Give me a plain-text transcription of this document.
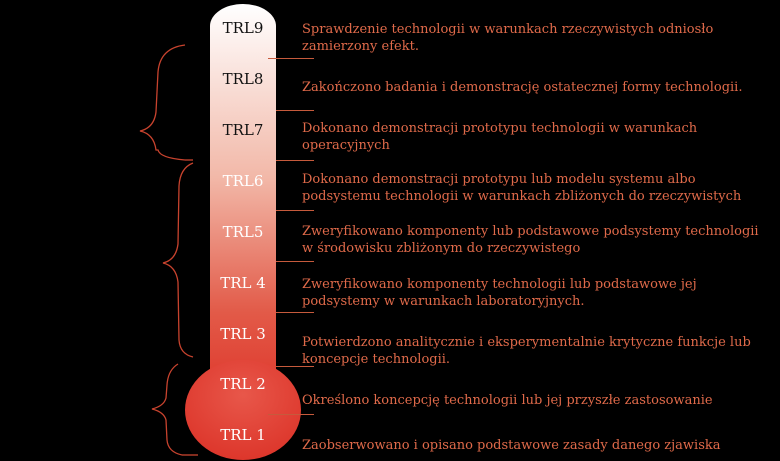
TRL9
TRL8
TRL7
TRL6
TRL5
TRL 4
TRL 3
TRL 2
TRL 1
Sprawdzenie technologii w warunkach rzeczywistych odniosło zamierzony efekt.
Zakończono badania i demonstrację ostatecznej formy technologii.
Dokonano demonstracji prototypu technologii w warunkach operacyjnych
Dokonano demonstracji prototypu lub modelu systemu albo podsystemu technologii w warunkach zbliżonych do rzeczywistych
Zweryfikowano komponenty lub podstawowe podsystemy technologii w środowisku zbliżonym do rzeczywistego
Zweryfikowano komponenty technologii lub podstawowe jej podsystemy w warunkach laboratoryjnych.
Potwierdzono analitycznie i eksperymentalnie krytyczne funkcje lub koncepcje technologii.
Określono koncepcję technologii lub jej przyszłe zastosowanie
Zaobserwowano i opisano podstawowe zasady danego zjawiska
